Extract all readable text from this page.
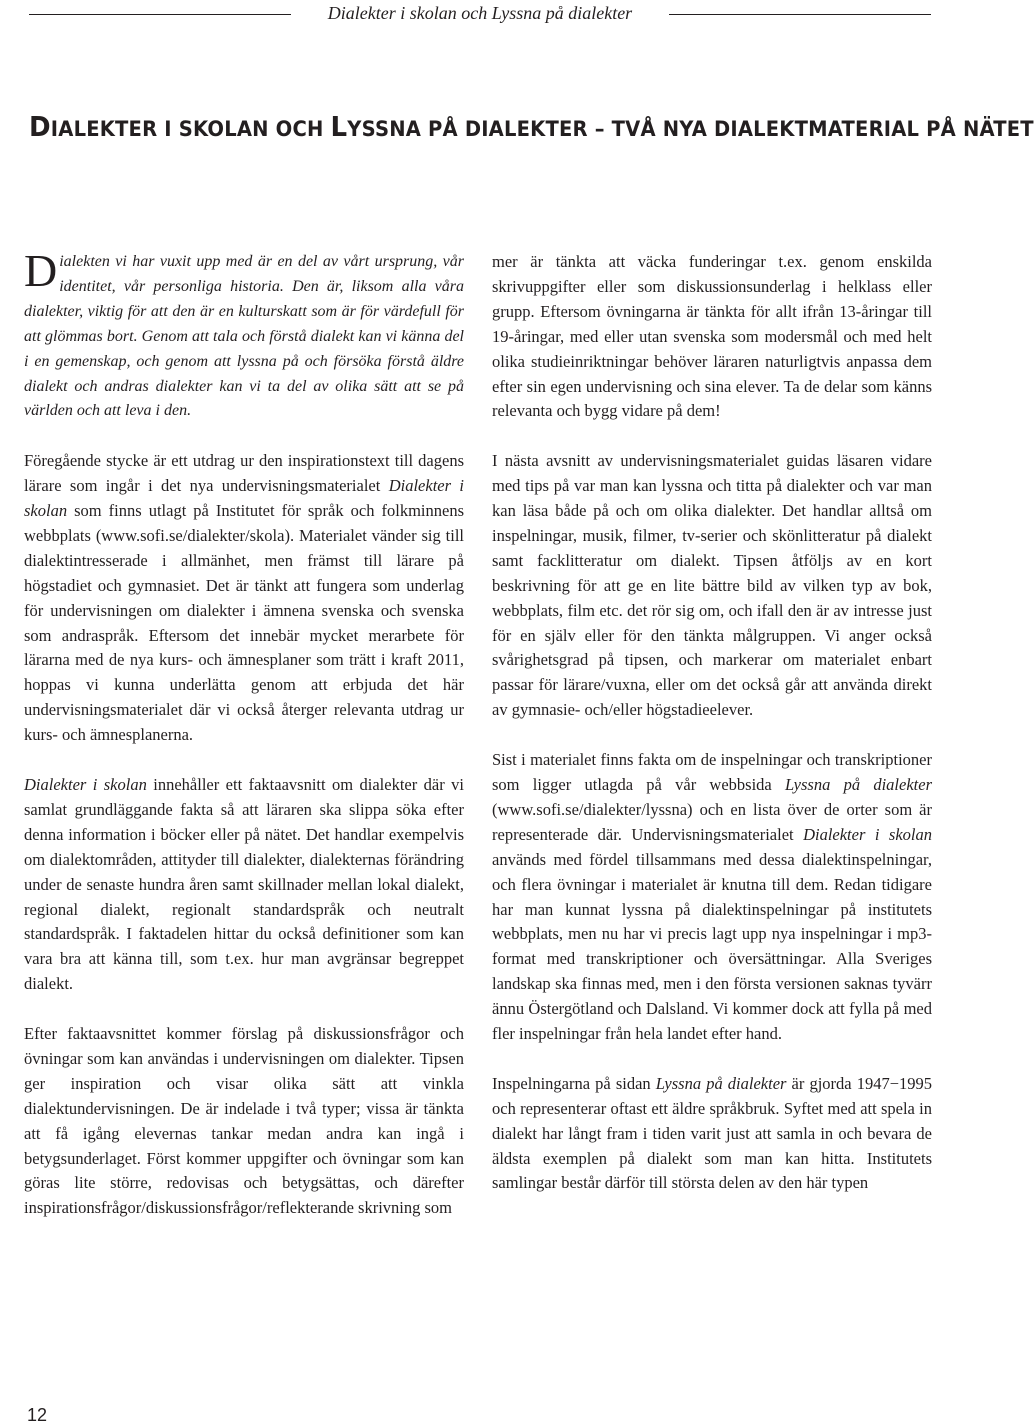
Dialekter i skolan och Lyssna på dialekter
DIALEKTER I SKOLAN OCH LYSSNA PÅ DIALEKTER – TVÅ NYA DIALEKTMATERIAL PÅ NÄTET

Dialekten vi har vuxit upp med är en del av vårt ursprung, vår identitet, vår personliga historia. Den är, liksom alla våra dialekter, viktig för att den är en kulturskatt som är för värdefull för att glömmas bort. Genom att tala och förstå dialekt kan vi känna del i en gemenskap, och genom att lyssna på och försöka förstå äldre dialekt och andras dialekter kan vi ta del av olika sätt att se på världen och att leva i den.

Föregående stycke är ett utdrag ur den inspirationstext till dagens lärare som ingår i det nya undervisningsmaterialet Dialekter i skolan som finns utlagt på Institutet för språk och folkminnens webbplats (www.sofi.se/dialekter/skola). Materialet vänder sig till dialektintresserade i allmänhet, men främst till lärare på högstadiet och gymnasiet. Det är tänkt att fungera som underlag för undervisningen om dialekter i ämnena svenska och svenska som andraspråk. Eftersom det innebär mycket merarbete för lärarna med de nya kurs- och ämnesplaner som trätt i kraft 2011, hoppas vi kunna underlätta genom att erbjuda det här undervisningsmaterialet där vi också återger relevanta utdrag ur kurs- och ämnesplanerna.

Dialekter i skolan innehåller ett faktaavsnitt om dialekter där vi samlat grundläggande fakta så att läraren ska slippa söka efter denna information i böcker eller på nätet. Det handlar exempelvis om dialektområden, attityder till dialekter, dialekternas förändring under de senaste hundra åren samt skillnader mellan lokal dialekt, regional dialekt, regionalt standardspråk och neutralt standardspråk. I faktadelen hittar du också definitioner som kan vara bra att känna till, som t.ex. hur man avgränsar begreppet dialekt.

Efter faktaavsnittet kommer förslag på diskussionsfrågor och övningar som kan användas i undervisningen om dialekter. Tipsen ger inspiration och visar olika sätt att vinkla dialektundervisningen. De är indelade i två typer; vissa är tänkta att få igång elevernas tankar medan andra kan ingå i betygsunderlaget. Först kommer uppgifter och övningar som kan göras lite större, redovisas och betygsättas, och därefter inspirationsfrågor/diskussionsfrågor/reflekterande skrivning som

mer är tänkta att väcka funderingar t.ex. genom enskilda skrivuppgifter eller som diskussionsunderlag i helklass eller grupp. Eftersom övningarna är tänkta för allt ifrån 13-åringar till 19-åringar, med eller utan svenska som modersmål och med helt olika studieinriktningar behöver läraren naturligtvis anpassa dem efter sin egen undervisning och sina elever. Ta de delar som känns relevanta och bygg vidare på dem!

I nästa avsnitt av undervisningsmaterialet guidas läsaren vidare med tips på var man kan lyssna och titta på dialekter och var man kan läsa både på och om olika dialekter. Det handlar alltså om inspelningar, musik, filmer, tv-serier och skönlitteratur på dialekt samt facklitteratur om dialekt. Tipsen åtföljs av en kort beskrivning för att ge en lite bättre bild av vilken typ av bok, webbplats, film etc. det rör sig om, och ifall den är av intresse just för en själv eller för den tänkta målgruppen. Vi anger också svårighetsgrad på tipsen, och markerar om materialet enbart passar för lärare/vuxna, eller om det också går att använda direkt av gymnasie- och/eller högstadieelever.

Sist i materialet finns fakta om de inspelningar och transkriptioner som ligger utlagda på vår webbsida Lyssna på dialekter (www.sofi.se/dialekter/lyssna) och en lista över de orter som är representerade där. Undervisningsmaterialet Dialekter i skolan används med fördel tillsammans med dessa dialektinspelningar, och flera övningar i materialet är knutna till dem. Redan tidigare har man kunnat lyssna på dialektinspelningar på institutets webbplats, men nu har vi precis lagt upp nya inspelningar i mp3-format med transkriptioner och översättningar. Alla Sveriges landskap ska finnas med, men i den första versionen saknas tyvärr ännu Östergötland och Dalsland. Vi kommer dock att fylla på med fler inspelningar från hela landet efter hand.

Inspelningarna på sidan Lyssna på dialekter är gjorda 1947−1995 och representerar oftast ett äldre språkbruk. Syftet med att spela in dialekt har långt fram i tiden varit just att samla in och bevara de äldsta exemplen på dialekt som man kan hitta. Institutets samlingar består därför till största delen av den här typen

12
